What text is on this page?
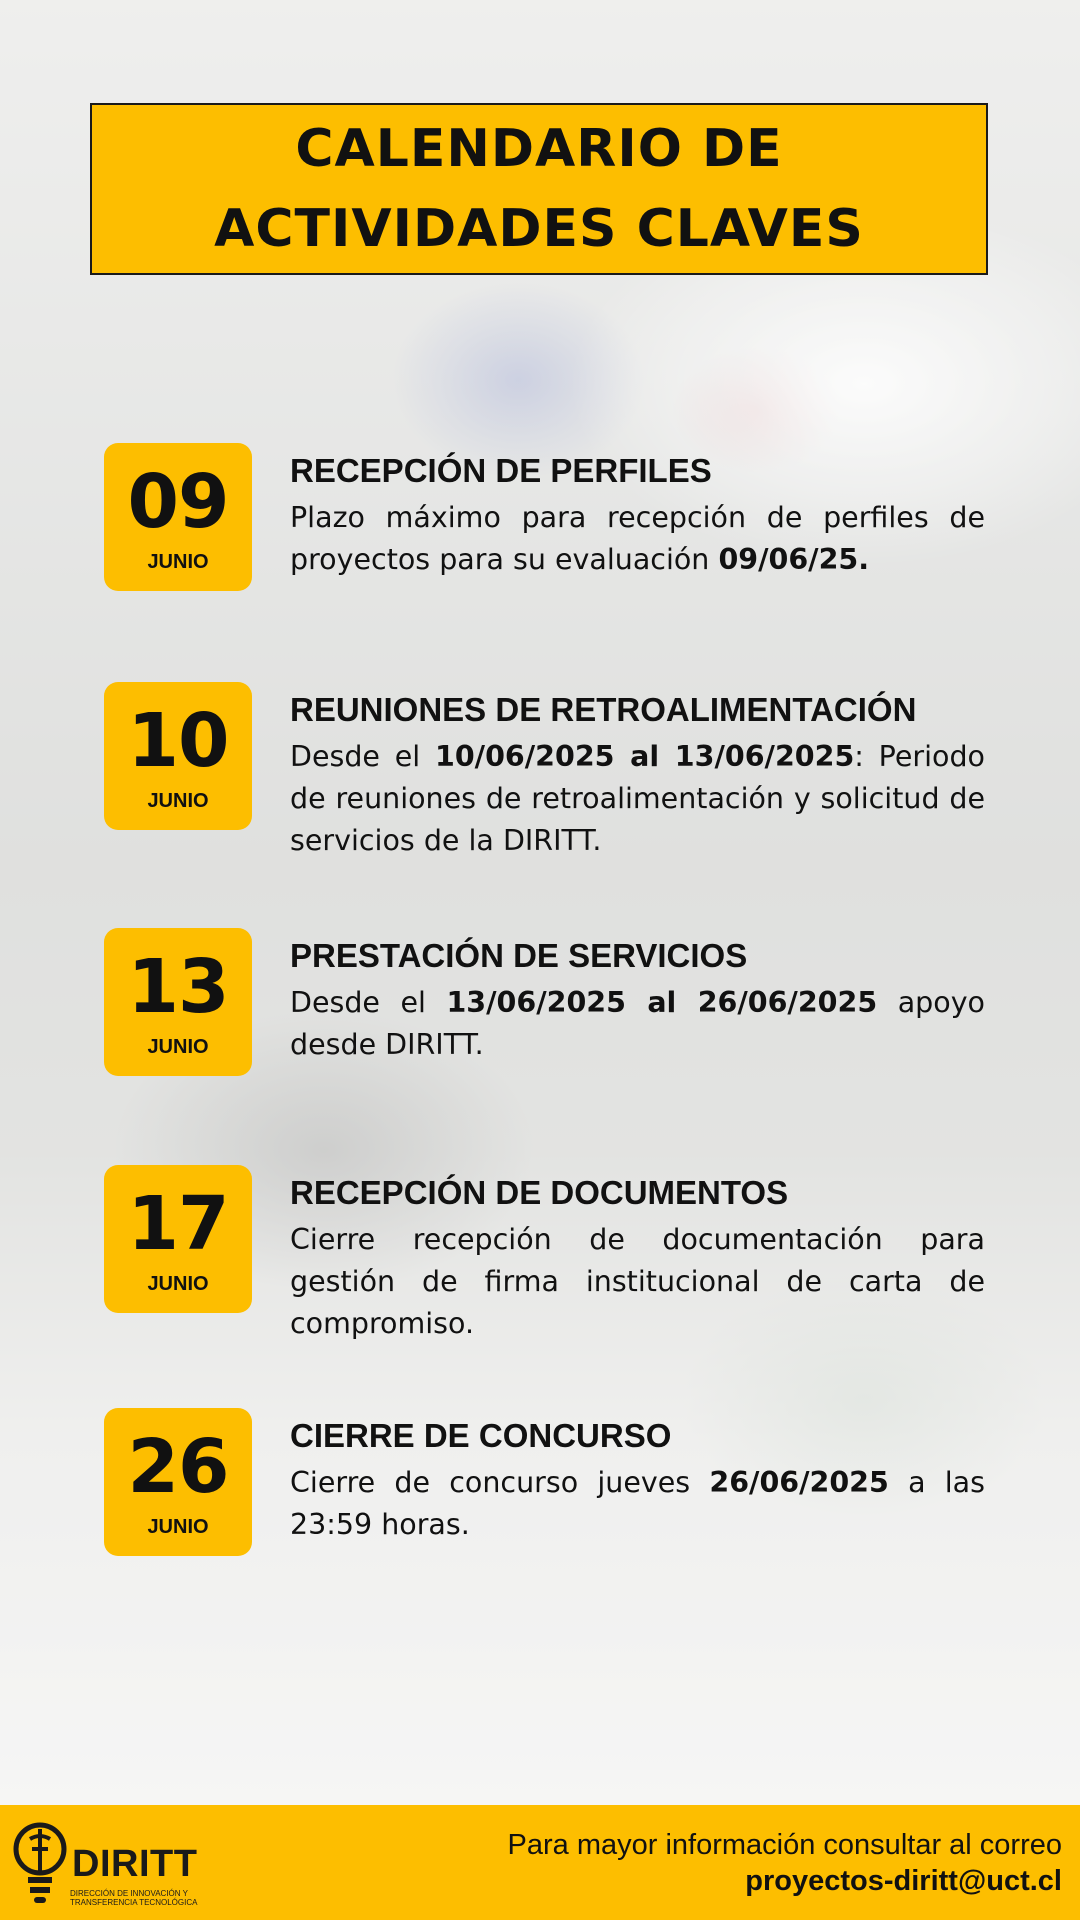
CALENDARIO DE
ACTIVIDADES CLAVES
09
JUNIO
RECEPCIÓN DE PERFILES
Plazo máximo para recepción de perfiles de proyectos para su evaluación 09/06/25.
10
JUNIO
REUNIONES DE RETROALIMENTACIÓN
Desde el 10/06/2025 al 13/06/2025: Periodo de reuniones de retroalimentación y solicitud de servicios de la DIRITT.
13
JUNIO
PRESTACIÓN DE SERVICIOS
Desde el 13/06/2025 al 26/06/2025 apoyo desde DIRITT.
17
JUNIO
RECEPCIÓN DE DOCUMENTOS
Cierre recepción de documentación para gestión de firma institucional de carta de compromiso.
26
JUNIO
CIERRE DE CONCURSO
Cierre de concurso jueves 26/06/2025 a las 23:59 horas.
DIRITT
DIRECCIÓN DE INNOVACIÓN Y TRANSFERENCIA TECNOLÓGICA
Para mayor información consultar al correo
proyectos-diritt@uct.cl
